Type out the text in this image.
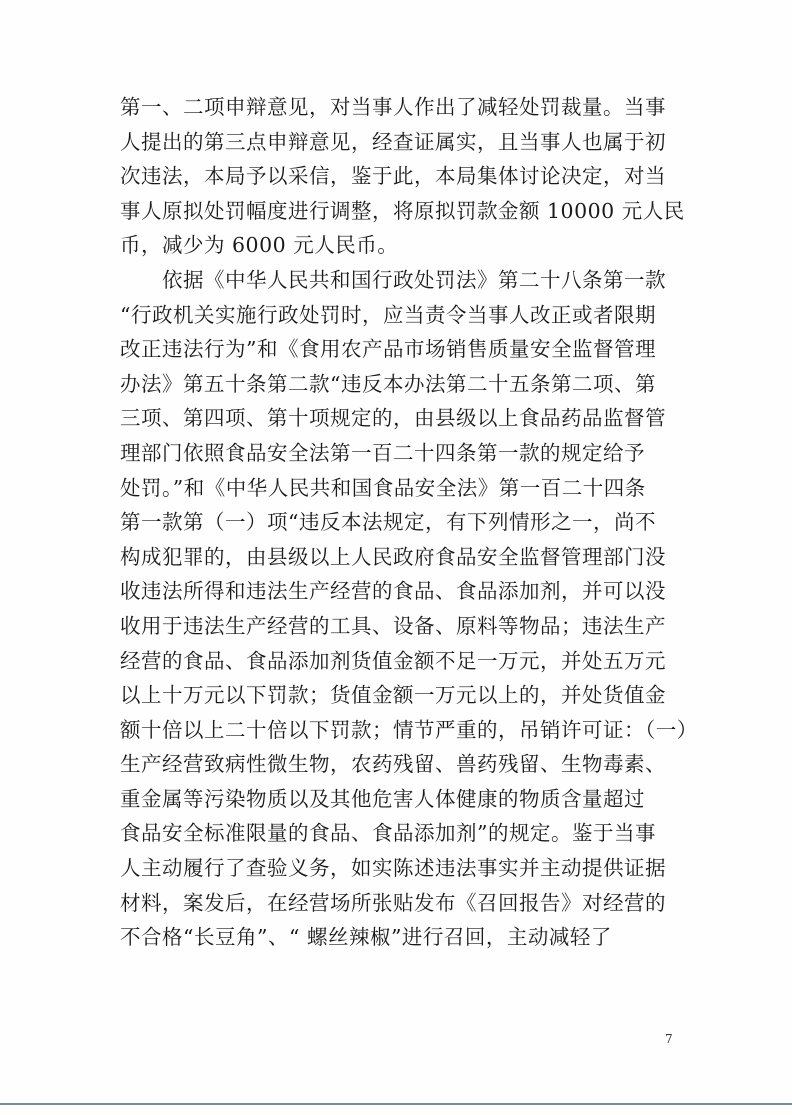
第一、二项申辩意见，对当事人作出了减轻处罚裁量。当事
人提出的第三点申辩意见，经查证属实，且当事人也属于初
次违法，本局予以采信，鉴于此，本局集体讨论决定，对当
事人原拟处罚幅度进行调整，将原拟罚款金额 10000 元人民
币，减少为 6000 元人民币。
　　依据《中华人民共和国行政处罚法》第二十八条第一款
“行政机关实施行政处罚时，应当责令当事人改正或者限期
改正违法行为”和《食用农产品市场销售质量安全监督管理
办法》第五十条第二款“违反本办法第二十五条第二项、第
三项、第四项、第十项规定的，由县级以上食品药品监督管
理部门依照食品安全法第一百二十四条第一款的规定给予
处罚。”和《中华人民共和国食品安全法》第一百二十四条
第一款第（一）项“违反本法规定，有下列情形之一，尚不
构成犯罪的，由县级以上人民政府食品安全监督管理部门没
收违法所得和违法生产经营的食品、食品添加剂，并可以没
收用于违法生产经营的工具、设备、原料等物品；违法生产
经营的食品、食品添加剂货值金额不足一万元，并处五万元
以上十万元以下罚款；货值金额一万元以上的，并处货值金
额十倍以上二十倍以下罚款；情节严重的，吊销许可证：（一）
生产经营致病性微生物，农药残留、兽药残留、生物毒素、
重金属等污染物质以及其他危害人体健康的物质含量超过
食品安全标准限量的食品、食品添加剂”的规定。鉴于当事
人主动履行了查验义务，如实陈述违法事实并主动提供证据
材料，案发后，在经营场所张贴发布《召回报告》对经营的
不合格“长豆角”、“ 螺丝辣椒”进行召回，主动减轻了
7
